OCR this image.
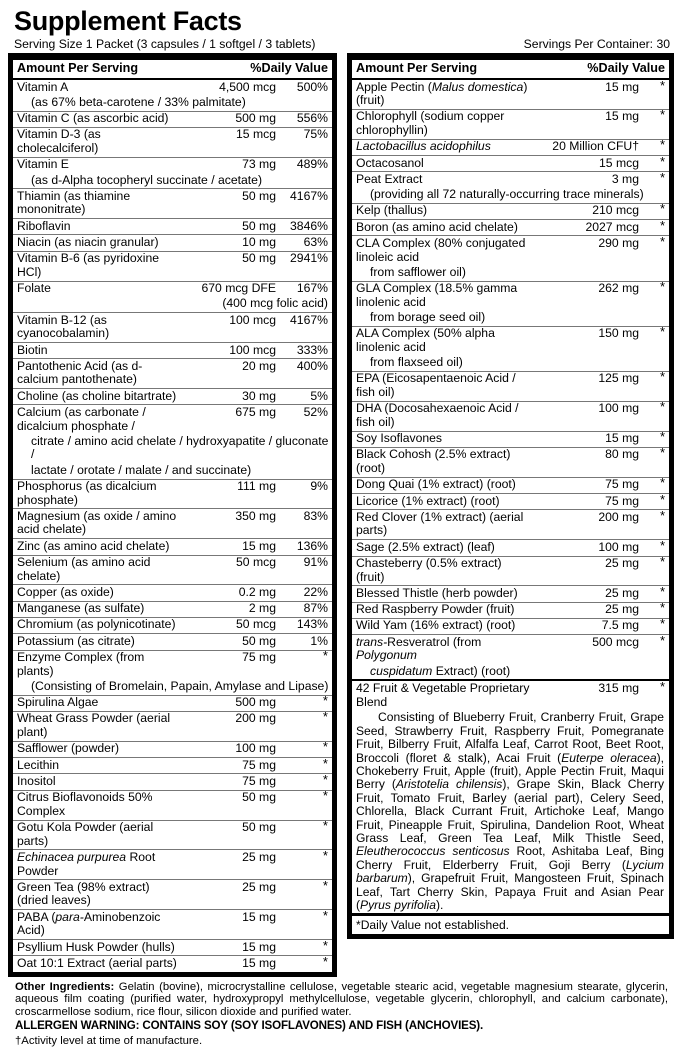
Supplement Facts
Serving Size 1 Packet (3 capsules / 1 softgel / 3 tablets)	Servings Per Container: 30
Amount Per Serving	%Daily Value
Vitamin A	4,500 mcg	500%
(as 67% beta-carotene / 33% palmitate)		
Vitamin C (as ascorbic acid)	500 mg	556%
Vitamin D-3 (as cholecalciferol)	15 mcg	75%
Vitamin E	73 mg	489%
(as d-Alpha tocopheryl succinate / acetate)		
Thiamin (as thiamine mononitrate)	50 mg	4167%
Riboflavin	50 mg	3846%
Niacin (as niacin granular)	10 mg	63%
Vitamin B-6 (as pyridoxine HCl)	50 mg	2941%
Folate	670 mcg DFE	167%
	(400 mcg folic acid)	
Vitamin B-12 (as cyanocobalamin)	100 mcg	4167%
Biotin	100 mcg	333%
Pantothenic Acid (as d-calcium pantothenate)	20 mg	400%
Choline (as choline bitartrate)	30 mg	5%
Calcium (as carbonate / dicalcium phosphate /	675 mg	52%
citrate / amino acid chelate / hydroxyapatite / gluconate /		
lactate / orotate / malate / and succinate)		
Phosphorus (as dicalcium phosphate)	111 mg	9%
Magnesium (as oxide / amino acid chelate)	350 mg	83%
Zinc (as amino acid chelate)	15 mg	136%
Selenium (as amino acid chelate)	50 mcg	91%
Copper (as oxide)	0.2 mg	22%
Manganese (as sulfate)	2 mg	87%
Chromium (as polynicotinate)	50 mcg	143%
Potassium (as citrate)	50 mg	1%
Enzyme Complex (from plants)	75 mg	*
(Consisting of Bromelain, Papain, Amylase and Lipase)		
Spirulina Algae	500 mg	*
Wheat Grass Powder (aerial plant)	200 mg	*
Safflower (powder)	100 mg	*
Lecithin	75 mg	*
Inositol	75 mg	*
Citrus Bioflavonoids 50% Complex	50 mg	*
Gotu Kola Powder (aerial parts)	50 mg	*
Echinacea purpurea Root Powder	25 mg	*
Green Tea (98% extract) (dried leaves)	25 mg	*
PABA (para-Aminobenzoic Acid)	15 mg	*
Psyllium Husk Powder (hulls)	15 mg	*
Oat 10:1 Extract (aerial parts)	15 mg	*
Amount Per Serving	%Daily Value
Apple Pectin (Malus domestica) (fruit)	15 mg	*
Chlorophyll (sodium copper chlorophyllin)	15 mg	*
Lactobacillus acidophilus	20 Million CFU†	*
Octacosanol	15 mcg	*
Peat Extract	3 mg	*
(providing all 72 naturally-occurring trace minerals)		
Kelp (thallus)	210 mcg	*
Boron (as amino acid chelate)	2027 mcg	*
CLA Complex (80% conjugated linoleic acid	290 mg	*
from safflower oil)		
GLA Complex (18.5% gamma linolenic acid	262 mg	*
from borage seed oil)		
ALA Complex (50% alpha linolenic acid	150 mg	*
from flaxseed oil)		
EPA (Eicosapentaenoic Acid / fish oil)	125 mg	*
DHA (Docosahexaenoic Acid / fish oil)	100 mg	*
Soy Isoflavones	15 mg	*
Black Cohosh (2.5% extract) (root)	80 mg	*
Dong Quai (1% extract) (root)	75 mg	*
Licorice (1% extract) (root)	75 mg	*
Red Clover (1% extract) (aerial parts)	200 mg	*
Sage (2.5% extract) (leaf)	100 mg	*
Chasteberry (0.5% extract) (fruit)	25 mg	*
Blessed Thistle (herb powder)	25 mg	*
Red Raspberry Powder (fruit)	25 mg	*
Wild Yam (16% extract) (root)	7.5 mg	*
trans-Resveratrol (from Polygonum	500 mcg	*
cuspidatum Extract) (root)		
42 Fruit & Vegetable Proprietary Blend	315 mg	*
Consisting of Blueberry Fruit, Cranberry Fruit, Grape Seed, Strawberry Fruit, Raspberry Fruit, Pomegranate Fruit, Bilberry Fruit, Alfalfa Leaf, Carrot Root, Beet Root, Broccoli (floret & stalk), Acai Fruit (Euterpe oleracea), Chokeberry Fruit, Apple (fruit), Apple Pectin Fruit, Maqui Berry (Aristotelia chilensis), Grape Skin, Black Cherry Fruit, Tomato Fruit, Barley (aerial part), Celery Seed, Chlorella, Black Currant Fruit, Artichoke Leaf, Mango Fruit, Pineapple Fruit, Spirulina, Dandelion Root, Wheat Grass Leaf, Green Tea Leaf, Milk Thistle Seed, Eleutherococcus senticosus Root, Ashitaba Leaf, Bing Cherry Fruit, Elderberry Fruit, Goji Berry (Lycium barbarum), Grapefruit Fruit, Mangosteen Fruit, Spinach Leaf, Tart Cherry Skin, Papaya Fruit and Asian Pear (Pyrus pyrifolia).
*Daily Value not established.

Other Ingredients: Gelatin (bovine), microcrystalline cellulose, vegetable stearic acid, vegetable magnesium stearate, glycerin, aqueous film coating (purified water, hydroxypropyl methylcellulose, vegetable glycerin, chlorophyll, and calcium carbonate), croscarmellose sodium, rice flour, silicon dioxide and purified water.

ALLERGEN WARNING: CONTAINS SOY (SOY ISOFLAVONES) AND FISH (ANCHOVIES).

†Activity level at time of manufacture.
